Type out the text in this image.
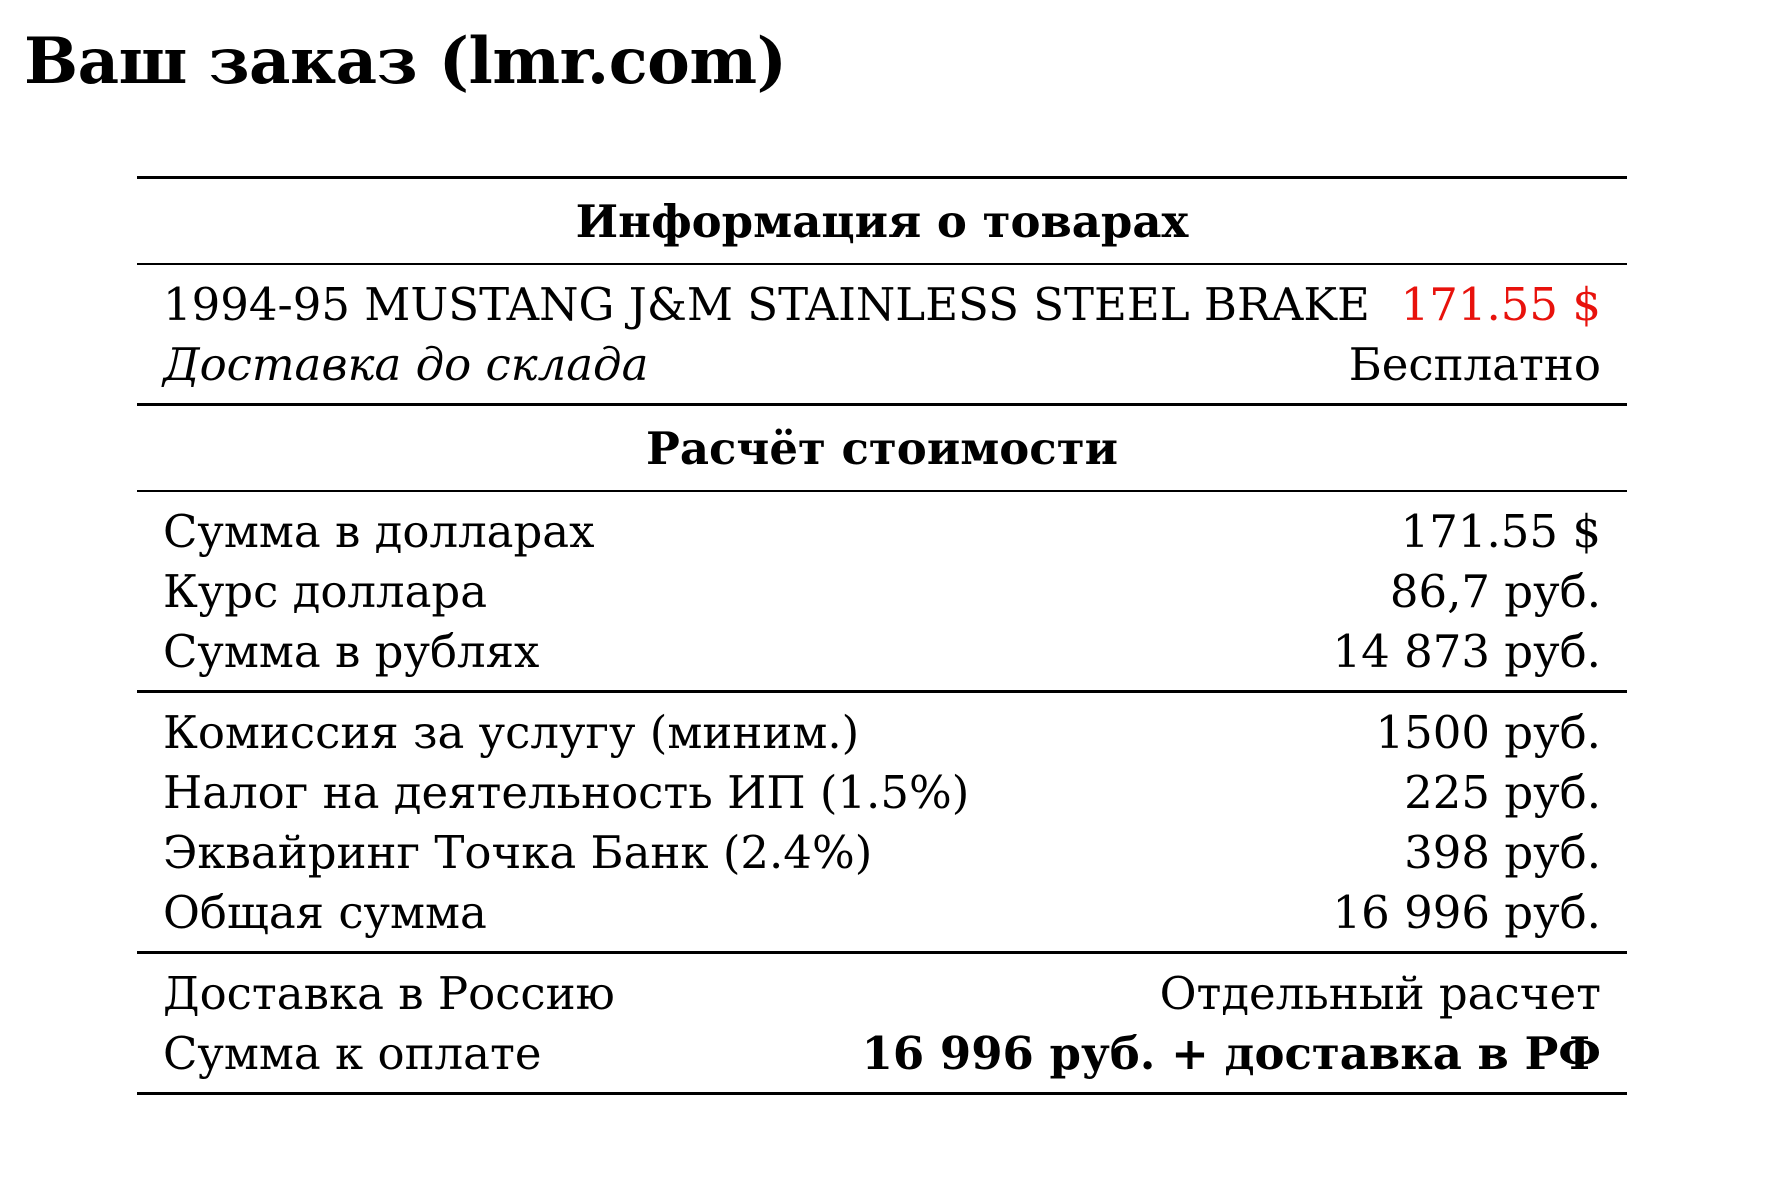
Ваш заказ (lmr.com)
Информация о товарах
1994-95 MUSTANG J&M STAINLESS STEEL BRAKE 171.55 $
Доставка до склада	Бесплатно
Расчёт стоимости
Сумма в долларах	171.55 $
Курс доллара	86,7 руб.
Сумма в рублях	14 873 руб.
Комиссия за услугу (миним.)	1500 руб.
Налог на деятельность ИП (1.5%)	225 руб.
Эквайринг Точка Банк (2.4%)	398 руб.
Общая сумма	16 996 руб.
Доставка в Россию	Отдельный расчет
Сумма к оплате	16 996 руб. + доставка в РФ
